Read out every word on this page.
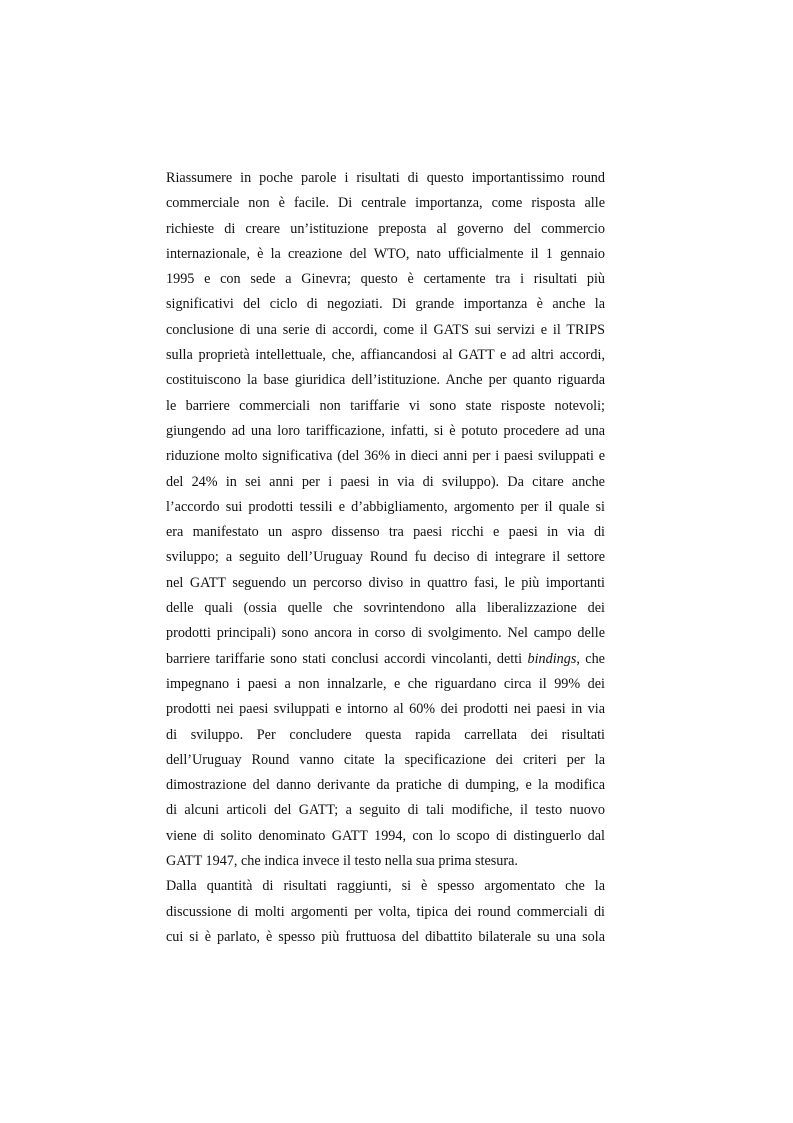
Riassumere in poche parole i risultati di questo importantissimo round
commerciale non è facile. Di centrale importanza, come risposta alle
richieste di creare un’istituzione preposta al governo del commercio
internazionale, è la creazione del WTO, nato ufficialmente il 1 gennaio
1995 e con sede a Ginevra; questo è certamente tra i risultati più
significativi del ciclo di negoziati. Di grande importanza è anche la
conclusione di una serie di accordi, come il GATS sui servizi e il TRIPS
sulla proprietà intellettuale, che, affiancandosi al GATT e ad altri accordi,
costituiscono la base giuridica dell’istituzione. Anche per quanto riguarda
le barriere commerciali non tariffarie vi sono state risposte notevoli;
giungendo ad una loro tarifficazione, infatti, si è potuto procedere ad una
riduzione molto significativa (del 36% in dieci anni per i paesi sviluppati e
del 24% in sei anni per i paesi in via di sviluppo). Da citare anche
l’accordo sui prodotti tessili e d’abbigliamento, argomento per il quale si
era manifestato un aspro dissenso tra paesi ricchi e paesi in via di
sviluppo; a seguito dell’Uruguay Round fu deciso di integrare il settore
nel GATT seguendo un percorso diviso in quattro fasi, le più importanti
delle quali (ossia quelle che sovrintendono alla liberalizzazione dei
prodotti principali) sono ancora in corso di svolgimento. Nel campo delle
barriere tariffarie sono stati conclusi accordi vincolanti, detti bindings, che
impegnano i paesi a non innalzarle, e che riguardano circa il 99% dei
prodotti nei paesi sviluppati e intorno al 60% dei prodotti nei paesi in via
di sviluppo. Per concludere questa rapida carrellata dei risultati
dell’Uruguay Round vanno citate la specificazione dei criteri per la
dimostrazione del danno derivante da pratiche di dumping, e la modifica
di alcuni articoli del GATT; a seguito di tali modifiche, il testo nuovo
viene di solito denominato GATT 1994, con lo scopo di distinguerlo dal
GATT 1947, che indica invece il testo nella sua prima stesura.
Dalla quantità di risultati raggiunti, si è spesso argomentato che la
discussione di molti argomenti per volta, tipica dei round commerciali di
cui si è parlato, è spesso più fruttuosa del dibattito bilaterale su una sola
